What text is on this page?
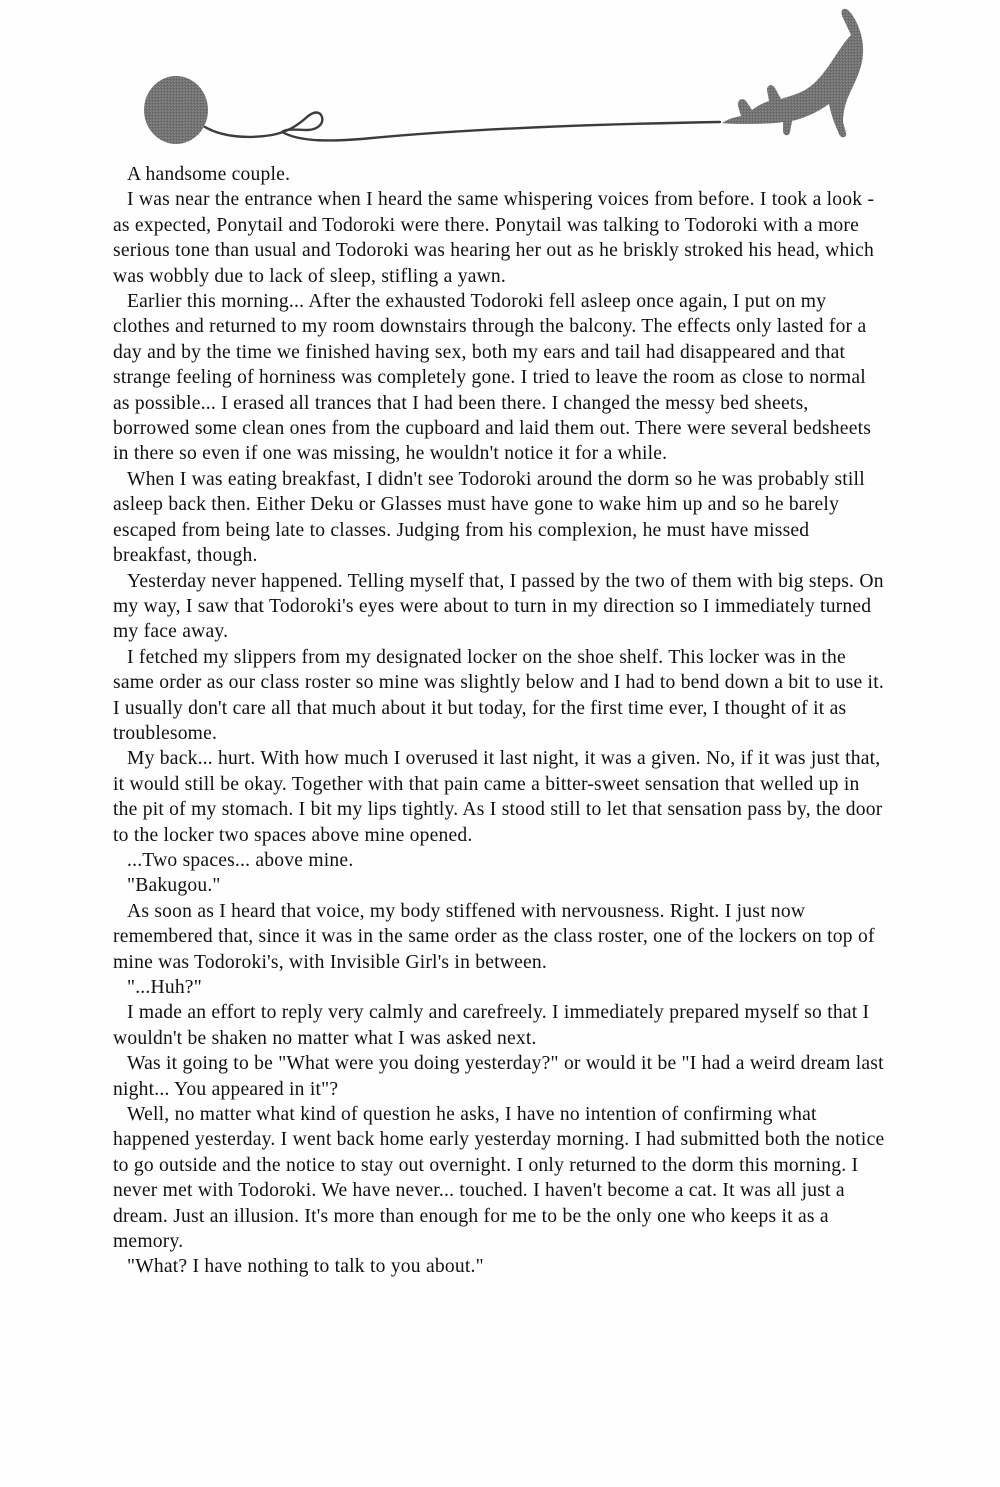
A handsome couple.

I was near the entrance when I heard the same whispering voices from before. I took a look - as expected, Ponytail and Todoroki were there. Ponytail was talking to Todoroki with a more serious tone than usual and Todoroki was hearing her out as he briskly stroked his head, which was wobbly due to lack of sleep, stifling a yawn.

Earlier this morning... After the exhausted Todoroki fell asleep once again, I put on my clothes and returned to my room downstairs through the balcony. The effects only lasted for a day and by the time we finished having sex, both my ears and tail had disappeared and that strange feeling of horniness was completely gone. I tried to leave the room as close to normal as possible... I erased all trances that I had been there. I changed the messy bed sheets, borrowed some clean ones from the cupboard and laid them out. There were several bedsheets in there so even if one was missing, he wouldn't notice it for a while.

When I was eating breakfast, I didn't see Todoroki around the dorm so he was probably still asleep back then. Either Deku or Glasses must have gone to wake him up and so he barely escaped from being late to classes. Judging from his complexion, he must have missed breakfast, though.

Yesterday never happened. Telling myself that, I passed by the two of them with big steps. On my way, I saw that Todoroki's eyes were about to turn in my direction so I immediately turned my face away.

I fetched my slippers from my designated locker on the shoe shelf. This locker was in the same order as our class roster so mine was slightly below and I had to bend down a bit to use it. I usually don't care all that much about it but today, for the first time ever, I thought of it as troublesome.

My back... hurt. With how much I overused it last night, it was a given. No, if it was just that, it would still be okay. Together with that pain came a bitter-sweet sensation that welled up in the pit of my stomach. I bit my lips tightly. As I stood still to let that sensation pass by, the door to the locker two spaces above mine opened.

...Two spaces... above mine.

"Bakugou."

As soon as I heard that voice, my body stiffened with nervousness. Right. I just now remembered that, since it was in the same order as the class roster, one of the lockers on top of mine was Todoroki's, with Invisible Girl's in between.

"...Huh?"

I made an effort to reply very calmly and carefreely. I immediately prepared myself so that I wouldn't be shaken no matter what I was asked next.

Was it going to be "What were you doing yesterday?" or would it be "I had a weird dream last night... You appeared in it"?

Well, no matter what kind of question he asks, I have no intention of confirming what happened yesterday. I went back home early yesterday morning. I had submitted both the notice to go outside and the notice to stay out overnight. I only returned to the dorm this morning. I never met with Todoroki. We have never... touched. I haven't become a cat. It was all just a dream. Just an illusion. It's more than enough for me to be the only one who keeps it as a memory.

"What? I have nothing to talk to you about."
